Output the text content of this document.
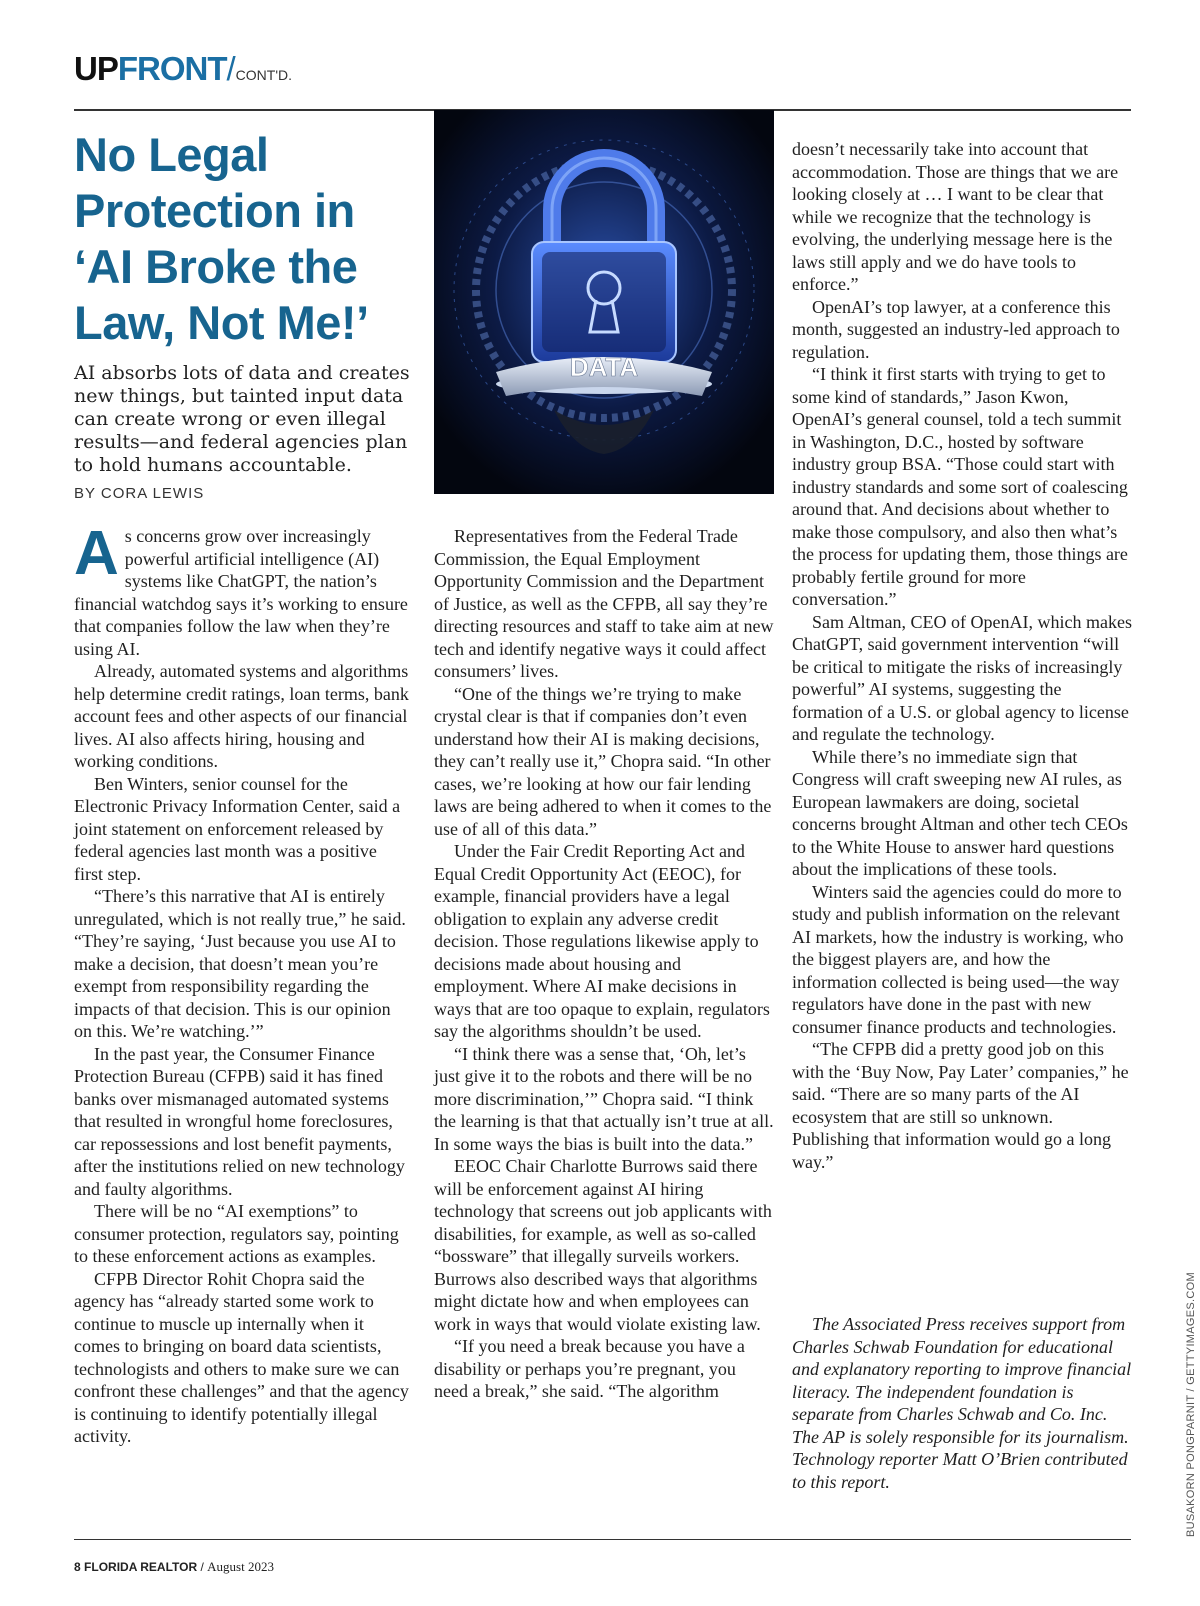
UPFRONT/CONT'D.
No Legal Protection in ‘AI Broke the Law, Not Me!’

AI absorbs lots of data and creates new things, but tainted input data can create wrong or even illegal results—and federal agencies plan to hold humans accountable.

BY CORA LEWIS

DATA

As concerns grow over increasingly powerful artificial intelligence (AI) systems like ChatGPT, the nation’s financial watchdog says it’s working to ensure that companies follow the law when they’re using AI.

Already, automated systems and algorithms help determine credit ratings, loan terms, bank account fees and other aspects of our financial lives. AI also affects hiring, housing and working conditions.

Ben Winters, senior counsel for the Electronic Privacy Information Center, said a joint statement on enforcement released by federal agencies last month was a positive first step.

“There’s this narrative that AI is entirely unregulated, which is not really true,” he said. “They’re saying, ‘Just because you use AI to make a decision, that doesn’t mean you’re exempt from responsibility regarding the impacts of that decision. This is our opinion on this. We’re watching.’”

In the past year, the Consumer Finance Protection Bureau (CFPB) said it has fined banks over mismanaged automated systems that resulted in wrongful home foreclosures, car repossessions and lost benefit payments, after the institutions relied on new technology and faulty algorithms.

There will be no “AI exemptions” to consumer protection, regulators say, pointing to these enforcement actions as examples.

CFPB Director Rohit Chopra said the agency has “already started some work to continue to muscle up internally when it comes to bringing on board data scientists, technologists and others to make sure we can confront these challenges” and that the agency is continuing to identify potentially illegal activity.

Representatives from the Federal Trade Commission, the Equal Employment Opportunity Commission and the Department of Justice, as well as the CFPB, all say they’re directing resources and staff to take aim at new tech and identify negative ways it could affect consumers’ lives.

“One of the things we’re trying to make crystal clear is that if companies don’t even understand how their AI is making decisions, they can’t really use it,” Chopra said. “In other cases, we’re looking at how our fair lending laws are being adhered to when it comes to the use of all of this data.”

Under the Fair Credit Reporting Act and Equal Credit Opportunity Act (EEOC), for example, financial providers have a legal obligation to explain any adverse credit decision. Those regulations likewise apply to decisions made about housing and employment. Where AI make decisions in ways that are too opaque to explain, regulators say the algorithms shouldn’t be used.

“I think there was a sense that, ‘Oh, let’s just give it to the robots and there will be no more discrimination,’” Chopra said. “I think the learning is that that actually isn’t true at all. In some ways the bias is built into the data.”

EEOC Chair Charlotte Burrows said there will be enforcement against AI hiring technology that screens out job applicants with disabilities, for example, as well as so-called “bossware” that illegally surveils workers. Burrows also described ways that algorithms might dictate how and when employees can work in ways that would violate existing law.

“If you need a break because you have a disability or perhaps you’re pregnant, you need a break,” she said. “The algorithm

doesn’t necessarily take into account that accommodation. Those are things that we are looking closely at … I want to be clear that while we recognize that the technology is evolving, the underlying message here is the laws still apply and we do have tools to enforce.”

OpenAI’s top lawyer, at a conference this month, suggested an industry-led approach to regulation.

“I think it first starts with trying to get to some kind of standards,” Jason Kwon, OpenAI’s general counsel, told a tech summit in Washington, D.C., hosted by software industry group BSA. “Those could start with industry standards and some sort of coalescing around that. And decisions about whether to make those compulsory, and also then what’s the process for updating them, those things are probably fertile ground for more conversation.”

Sam Altman, CEO of OpenAI, which makes ChatGPT, said government intervention “will be critical to mitigate the risks of increasingly powerful” AI systems, suggesting the formation of a U.S. or global agency to license and regulate the technology.

While there’s no immediate sign that Congress will craft sweeping new AI rules, as European lawmakers are doing, societal concerns brought Altman and other tech CEOs to the White House to answer hard questions about the implications of these tools.

Winters said the agencies could do more to study and publish information on the relevant AI markets, how the industry is working, who the biggest players are, and how the information collected is being used—the way regulators have done in the past with new consumer finance products and technologies.

“The CFPB did a pretty good job on this with the ‘Buy Now, Pay Later’ companies,” he said. “There are so many parts of the AI ecosystem that are still so unknown. Publishing that information would go a long way.”

The Associated Press receives support from Charles Schwab Foundation for educational and explanatory reporting to improve financial literacy. The independent foundation is separate from Charles Schwab and Co. Inc. The AP is solely responsible for its journalism. Technology reporter Matt O’Brien contributed to this report.	BUSAKORN PONGPARNIT / GETTYIMAGES.COM
8 FLORIDA REALTOR / August 2023
